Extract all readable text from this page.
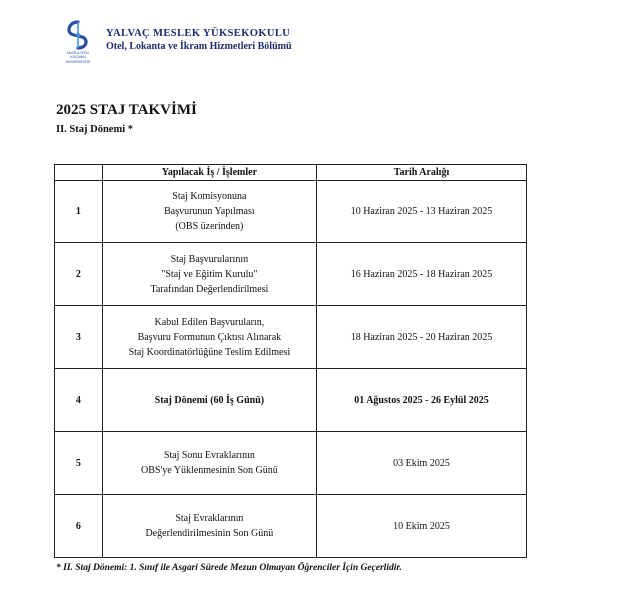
MUĞLA SITKI KOÇMAN
ÜNİVERSİTESİ
YALVAÇ MESLEK YÜKSEKOKULU
Otel, Lokanta ve İkram Hizmetleri Bölümü
2025 STAJ TAKVİMİ
II. Staj Dönemi *
	Yapılacak İş / İşlemler	Tarih Aralığı
1	Staj Komisyonuna
Başvurunun Yapılması
(OBS üzerinden)	10 Haziran 2025 - 13 Haziran 2025
2	Staj Başvurularının
"Staj ve Eğitim Kurulu"
Tarafından Değerlendirilmesi	16 Haziran 2025 - 18 Haziran 2025
3	Kabul Edilen Başvuruların,
Başvuru Formunun Çıktısı Alınarak
Staj Koordinatörlüğüne Teslim Edilmesi	18 Haziran 2025 - 20 Haziran 2025
4	Staj Dönemi (60 İş Günü)	01 Ağustos 2025 - 26 Eylül 2025
5	Staj Sonu Evraklarının
OBS'ye Yüklenmesinin Son Günü	03 Ekim 2025
6	Staj Evraklarının
Değerlendirilmesinin Son Günü	10 Ekim 2025
* II. Staj Dönemi: 1. Sınıf ile Asgari Sürede Mezun Olmayan Öğrenciler İçin Geçerlidir.
